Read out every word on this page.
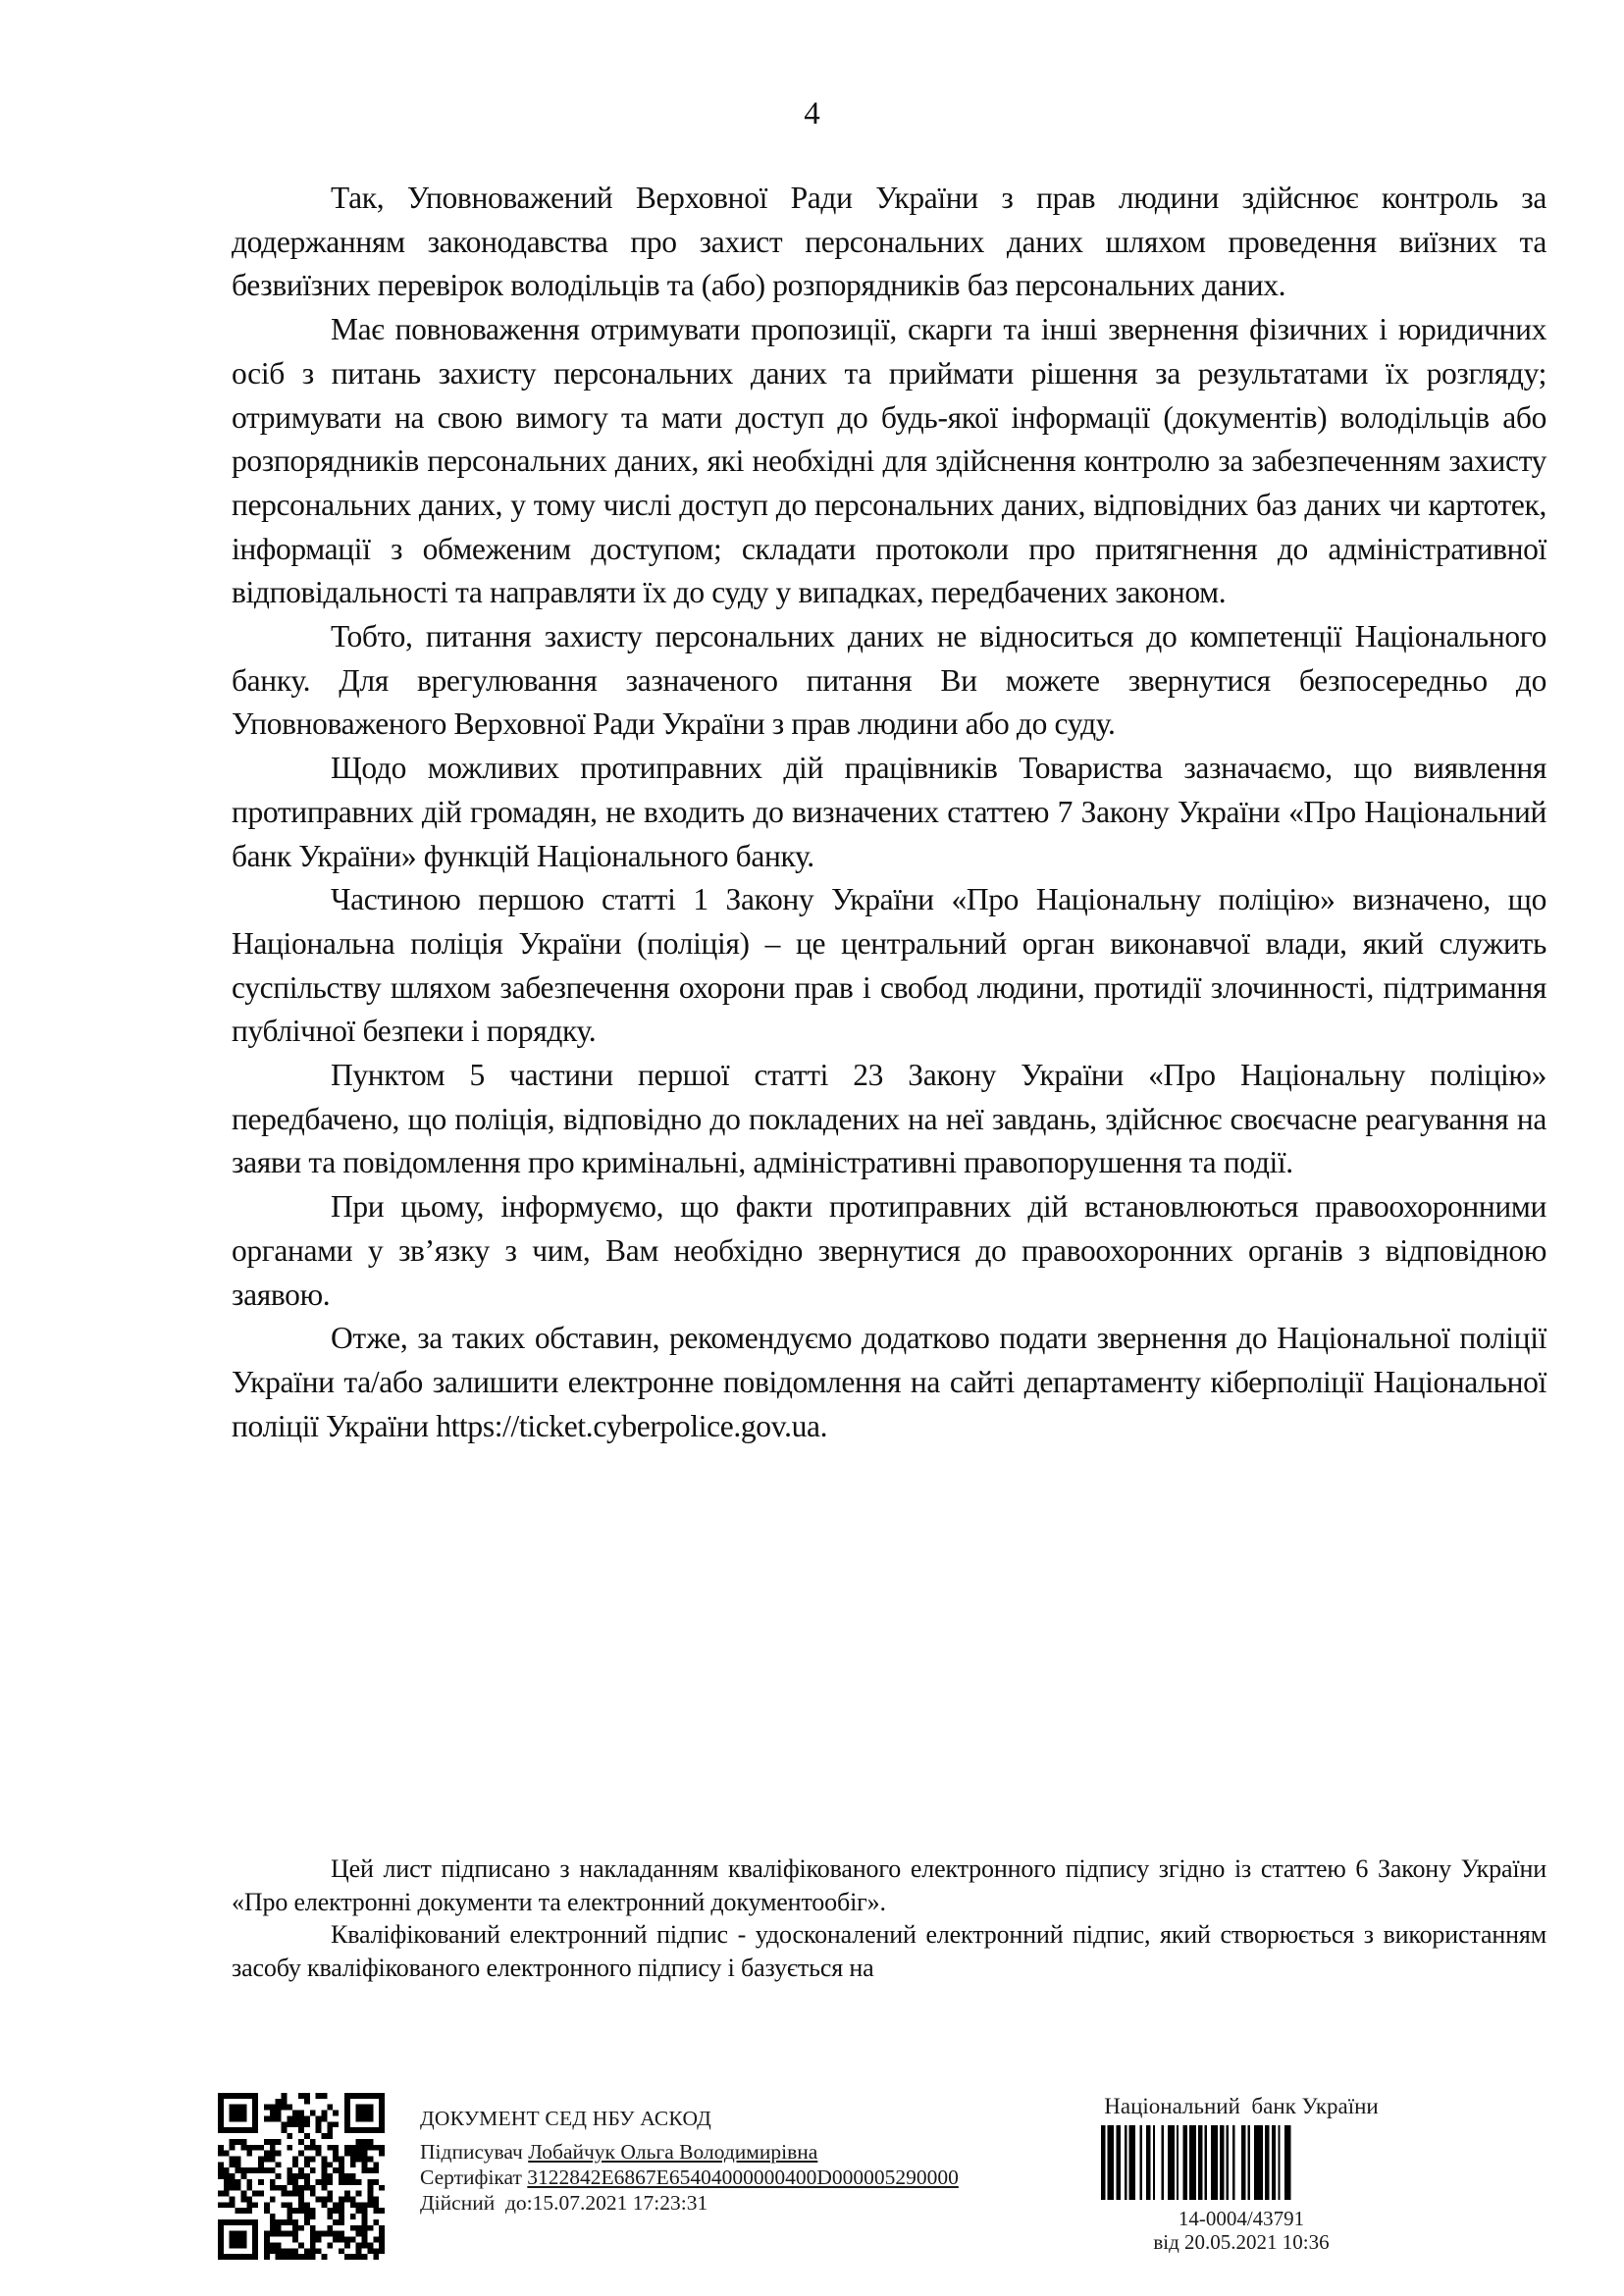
4

Так, Уповноважений Верховної Ради України з прав людини здійснює контроль за додержанням законодавства про захист персональних даних шляхом проведення виїзних та безвиїзних перевірок володільців та (або) розпорядників баз персональних даних.

Має повноваження отримувати пропозиції, скарги та інші звернення фізичних і юридичних осіб з питань захисту персональних даних та приймати рішення за результатами їх розгляду; отримувати на свою вимогу та мати доступ до будь-якої інформації (документів) володільців або розпорядників персональних даних, які необхідні для здійснення контролю за забезпеченням захисту персональних даних, у тому числі доступ до персональних даних, відповідних баз даних чи картотек, інформації з обмеженим доступом; складати протоколи про притягнення до адміністративної відповідальності та направляти їх до суду у випадках, передбачених законом.

Тобто, питання захисту персональних даних не відноситься до компетенції Національного банку. Для врегулювання зазначеного питання Ви можете звернутися безпосередньо до Уповноваженого Верховної Ради України з прав людини або до суду.

Щодо можливих протиправних дій працівників Товариства зазначаємо, що виявлення протиправних дій громадян, не входить до визначених статтею 7 Закону України «Про Національний банк України» функцій Національного банку.

Частиною першою статті 1 Закону України «Про Національну поліцію» визначено, що Національна поліція України (поліція) – це центральний орган виконавчої влади, який служить суспільству шляхом забезпечення охорони прав і свобод людини, протидії злочинності, підтримання публічної безпеки і порядку.

Пунктом 5 частини першої статті 23 Закону України «Про Національну поліцію» передбачено, що поліція, відповідно до покладених на неї завдань, здійснює своєчасне реагування на заяви та повідомлення про кримінальні, адміністративні правопорушення та події.

При цьому, інформуємо, що факти протиправних дій встановлюються правоохоронними органами у зв’язку з чим, Вам необхідно звернутися до правоохоронних органів з відповідною заявою.

Отже, за таких обставин, рекомендуємо додатково подати звернення до Національної поліції України та/або залишити електронне повідомлення на сайті департаменту кіберполіції Національної поліції України https://ticket.cyberpolice.gov.ua.

Цей лист підписано з накладанням кваліфікованого електронного підпису згідно із статтею 6 Закону України «Про електронні документи та електронний документообіг».

Кваліфікований електронний підпис - удосконалений електронний підпис, який створюється з використанням засобу кваліфікованого електронного підпису і базується на

ДОКУМЕНТ СЕД НБУ АСКОД
Підписувач Лобайчук Ольга Володимирівна
Сертифікат 3122842E6867E65404000000400D000005290000
Дійсний  до:15.07.2021 17:23:31
Національний  банк України
14-0004/43791
від 20.05.2021 10:36
